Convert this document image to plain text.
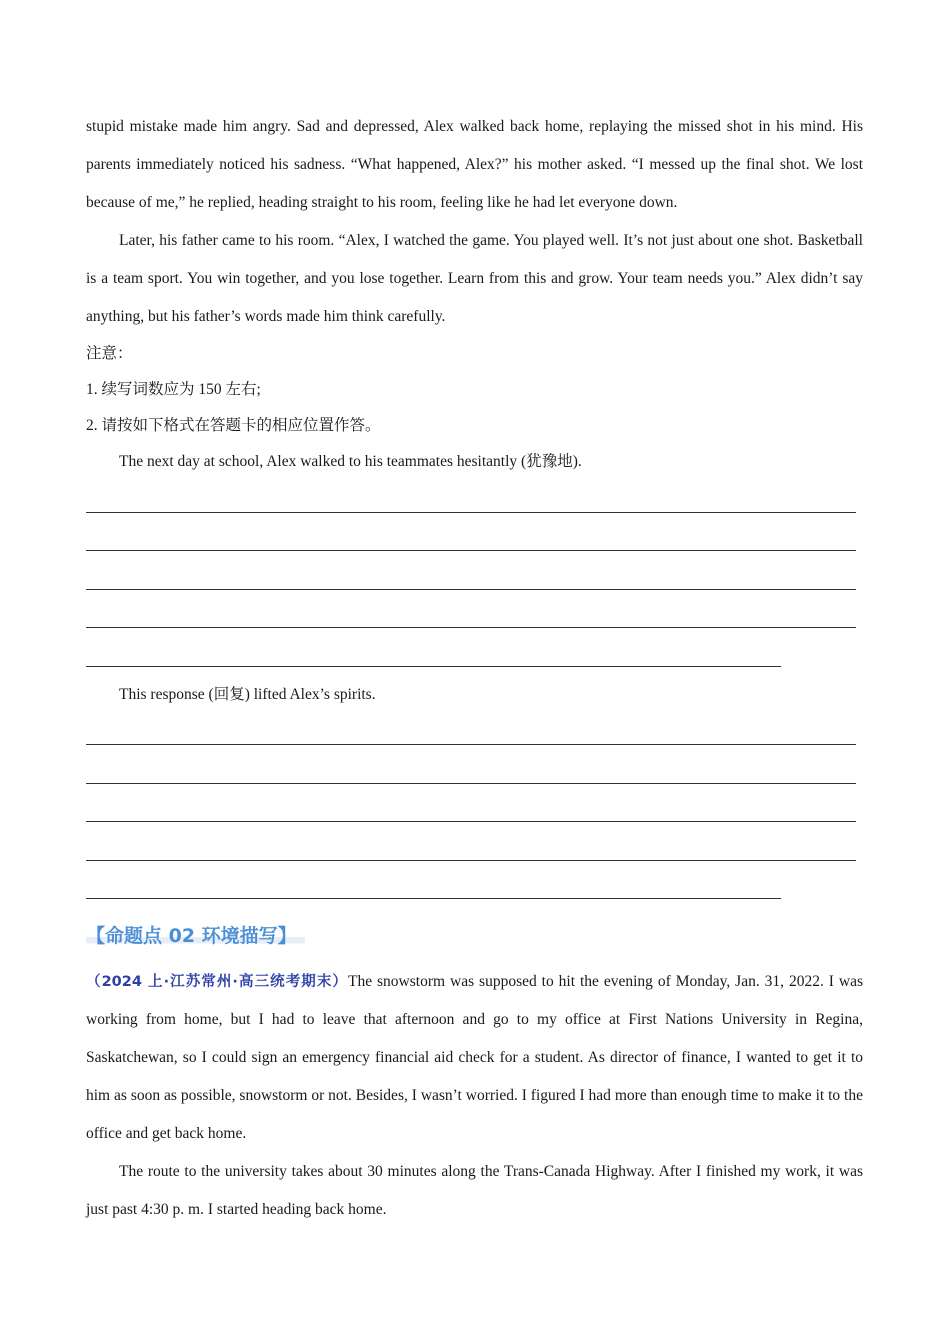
stupid mistake made him angry. Sad and depressed, Alex walked back home, replaying the missed shot in his mind. His parents immediately noticed his sadness. “What happened, Alex?” his mother asked. “I messed up the final shot. We lost because of me,” he replied, heading straight to his room, feeling like he had let everyone down.

Later, his father came to his room. “Alex, I watched the game. You played well. It’s not just about one shot. Basketball is a team sport. You win together, and you lose together. Learn from this and grow. Your team needs you.” Alex didn’t say anything, but his father’s words made him think carefully.

注意：

1. 续写词数应为 150 左右;

2. 请按如下格式在答题卡的相应位置作答。

The next day at school, Alex walked to his teammates hesitantly (犹豫地).

This response (回复) lifted Alex’s spirits.

【命题点 02 环境描写】

（2024 上·江苏常州·高三统考期末）The snowstorm was supposed to hit the evening of Monday, Jan. 31, 2022. I was working from home, but I had to leave that afternoon and go to my office at First Nations University in Regina, Saskatchewan, so I could sign an emergency financial aid check for a student. As director of finance, I wanted to get it to him as soon as possible, snowstorm or not. Besides, I wasn’t worried. I figured I had more than enough time to make it to the office and get back home.

The route to the university takes about 30 minutes along the Trans-Canada Highway. After I finished my work, it was just past 4:30 p. m. I started heading back home.
